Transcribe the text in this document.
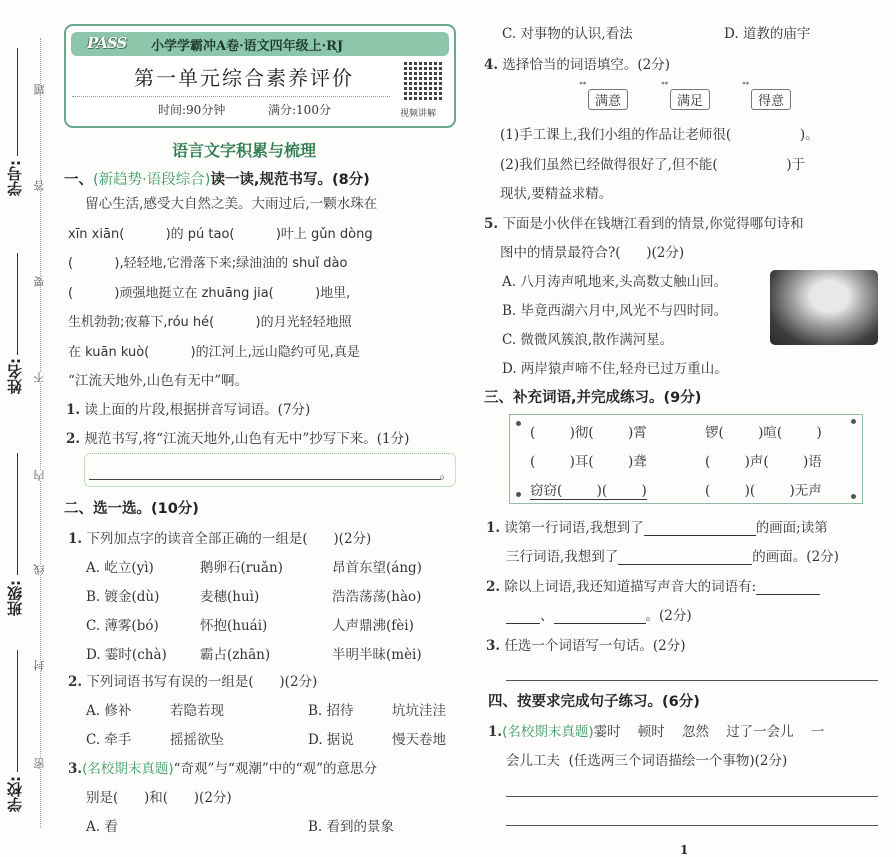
学号:
姓名:
班级:
学校:
题
答
要
不
内
线
封
密
PASS 小学学霸冲A卷·语文四年级上·RJ
第一单元综合素养评价
时间:90分钟	满分:100分	视频讲解
语言文字积累与梳理
一、(新趋势·语段综合)读一读,规范书写。(8分)
留心生活,感受大自然之美。大雨过后,一颗水珠在
xīn xiān(          )的 pú tao(          )叶上 gǔn dòng
(          ),轻轻地,它滑落下来;绿油油的 shuǐ dào
(          )顽强地挺立在 zhuāng jia(          )地里,
生机勃勃;夜幕下,róu hé(          )的月光轻轻地照
在 kuān kuò(          )的江河上,远山隐约可见,真是
“江流天地外,山色有无中”啊。
1. 读上面的片段,根据拼音写词语。(7分)
2. 规范书写,将“江流天地外,山色有无中”抄写下来。(1分)
。
二、选一选。(10分)
1. 下列加点字的读音全部正确的一组是(      )(2分)
A. 屹立(yì)	鹅卵石(ruǎn)	昂首东望(áng)
B. 镀金(dù)	麦穗(huì)	浩浩荡荡(hào)
C. 薄雾(bó)	怀抱(huái)	人声鼎沸(fèi)
D. 霎时(chà) 霸占(zhān)	半明半昧(mèi)
2. 下列词语书写有误的一组是(      )(2分)
A. 修补	若隐若现	B. 招待	坑坑洼洼
C. 牵手	摇摇欲坠	D. 据说	慢天卷地
3.(名校期末真题)“奇观”与“观潮”中的“观”的意思分
别是(      )和(      )(2分)
A. 看	B. 看到的景象
C. 对事物的认识,看法	D. 道教的庙宇
4. 选择恰当的词语填空。(2分)
ᕯ
满意
ᕯ
满足
ᕯ
得意
(1)手工课上,我们小组的作品让老师很(                )。
(2)我们虽然已经做得很好了,但不能(                )于
现状,要精益求精。
5. 下面是小伙伴在钱塘江看到的情景,你觉得哪句诗和
图中的情景最符合?(      )(2分)
A. 八月涛声吼地来,头高数丈触山回。
B. 毕竟西湖六月中,风光不与四时同。
C. 微微风簇浪,散作满河星。
D. 两岸猿声啼不住,轻舟已过万重山。
三、补充词语,并完成练习。(9分)
(        )彻(        )霄	锣(        )喧(        )
(        )耳(        )聋	(        )声(        )语
窃窃(        )(        )	(        )(        )无声
1. 读第一行词语,我想到了	的画面;读第
三行词语,我想到了	的画面。(2分)
2. 除以上词语,我还知道描写声音大的词语有:
、	。(2分)
3. 任选一个词语写一句话。(2分)
四、按要求完成句子练习。(6分)
1.(名校期末真题)霎时    顿时    忽然    过了一会儿    一
会儿工夫  (任选两三个词语描绘一个事物)(2分)
1
